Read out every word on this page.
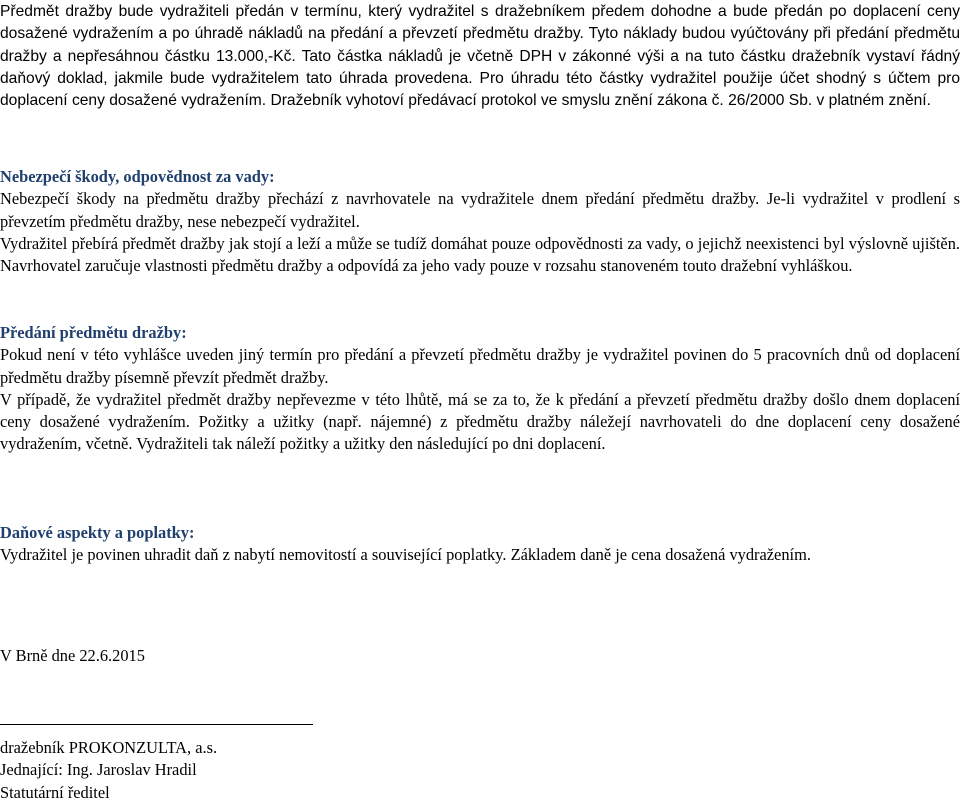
Předmět dražby bude vydražiteli předán v termínu, který vydražitel s dražebníkem předem dohodne a bude předán po doplacení ceny dosažené vydražením a po úhradě nákladů na předání a převzetí předmětu dražby. Tyto náklady budou vyúčtovány při předání předmětu dražby a nepřesáhnou částku 13.000,-Kč. Tato částka nákladů je včetně DPH v zákonné výši a na tuto částku dražebník vystaví řádný daňový doklad, jakmile bude vydražitelem tato úhrada provedena. Pro úhradu této částky vydražitel použije účet shodný s účtem pro doplacení ceny dosažené vydražením. Dražebník vyhotoví předávací protokol ve smyslu znění zákona č. 26/2000 Sb. v platném znění.

Nebezpečí škody, odpovědnost za vady:

Nebezpečí škody na předmětu dražby přechází z navrhovatele na vydražitele dnem předání předmětu dražby. Je-li vydražitel v prodlení s převzetím předmětu dražby, nese nebezpečí vydražitel.

Vydražitel přebírá předmět dražby jak stojí a leží a může se tudíž domáhat pouze odpovědnosti za vady, o jejichž neexistenci byl výslovně ujištěn. Navrhovatel zaručuje vlastnosti předmětu dražby a odpovídá za jeho vady pouze v rozsahu stanoveném touto dražební vyhláškou.

Předání předmětu dražby:

Pokud není v této vyhlášce uveden jiný termín pro předání a převzetí předmětu dražby je vydražitel povinen do 5 pracovních dnů od doplacení předmětu dražby písemně převzít předmět dražby.

V případě, že vydražitel předmět dražby nepřevezme v této lhůtě, má se za to, že k předání a převzetí předmětu dražby došlo dnem doplacení ceny dosažené vydražením. Požitky a užitky (např. nájemné) z předmětu dražby náležejí navrhovateli do dne doplacení ceny dosažené vydražením, včetně. Vydražiteli tak náleží požitky a užitky den následující po dni doplacení.

Daňové aspekty a poplatky:

Vydražitel je povinen uhradit daň z nabytí nemovitostí a související poplatky. Základem daně je cena dosažená vydražením.

V Brně dne 22.6.2015
dražebník PROKONZULTA, a.s.
Jednající: Ing. Jaroslav Hradil
Statutární ředitel
